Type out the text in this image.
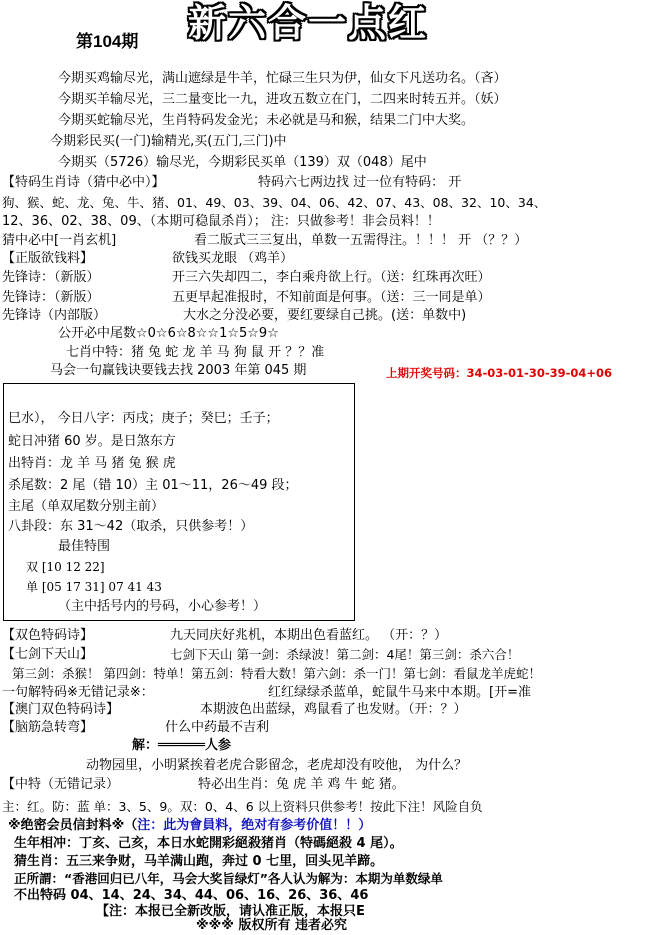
第104期 新六合一点红
今期买鸡输尽光，满山遮绿是牛羊，忙碌三生只为伊，仙女下凡送功名。（吝）
今期买羊输尽光，三二量变比一九，进攻五数立在门，二四来时转五并。（妖）
今期买蛇输尽光，生肖特码发金光；未必就是马和猴，结果二门中大奖。
今期彩民买(一门)输精光,买(五门,三门)中
今期买（5726）输尽光，今期彩民买单（139）双（048）尾中
【特码生肖诗（猜中必中）】	特码六七两边找 过一位有特码： 开
狗、猴、蛇、龙、兔、牛、猪、01、49、03、39、04、06、42、07、43、08、32、10、34、
12、36、02、38、09、（本期可稳鼠杀肖）； 注：只做参考！非会员料！！
猜中必中[一肖玄机]	看二版式三三复出，单数一五需得注。！！！ 开 （？？）
【正版欲钱料】	欲钱买龙眼 （鸡羊）
先锋诗：（新版）	开三六失却四二，李白乘舟欲上行。（送：红珠再次旺）
先锋诗：（新版）	五更早起准报时，不知前面是何事。（送：三一同是单）
先锋诗（内部版）	大水之分没必要，要红要绿自己挑。(送：单数中)
公开必中尾数☆0☆6☆8☆☆1☆5☆9☆
七肖中特：猪 兔 蛇 龙 羊 马 狗 鼠 开 ？？准
马会一句赢钱诀要钱去找 2003 年第 045 期	上期开奖号码：34-03-01-30-39-04+06
巳水）， 今日八字：丙戌；庚子；癸巳；壬子；
蛇日冲猪 60 岁。是日煞东方
出特肖：龙 羊 马 猪 兔 猴 虎
杀尾数：2 尾（错 10）主 01～11，26～49 段；
主尾（单双尾数分别主前）
八卦段：东 31～42（取杀，只供参考！）
最佳特围
双 [10 12 22]
单 [05 17 31] 07 41 43
（主中括号内的号码，小心参考！）
【双色特码诗】	九天同庆好兆机，本期出色看蓝红。 （开：？）
【七剑下天山】	七剑下天山 第一剑：杀绿波！第二剑：4尾！第三剑：杀六合！
第三剑：杀猴！ 第四剑：特单！第五剑：特看大数！第六剑：杀一门！第七剑：看鼠龙羊虎蛇！
一句解特码※无错记录※：	红红绿绿杀蓝单，蛇鼠牛马来中本期。[开=准
【澳门双色特码诗】	本期波色出蓝绿，鸡鼠看了也发财。（开：？）
【脑筋急转弯】	什么中药最不吉利
解：══════人参
动物园里，小明紧挨着老虎合影留念，老虎却没有咬他， 为什么？
【中特（无错记录）	特必出生肖：兔 虎 羊 鸡 牛 蛇 猪。
主：红。防：蓝 单：3、5、9。双：0、4、6 以上资料只供参考！按此下注！风险自负
※绝密会员信封料※（注：此为會員料，绝对有参考价值！！）
生年相冲：丁亥、己亥，本日水蛇開彩絕殺猪肖（特碼絕殺 4 尾）。
猜生肖：五三来争财，马羊满山跑，奔过 0 七里，回头见羊蹄。
正所謂：“香港回归已八年，马会大奖旨绿灯”各人认为解为：本期为单数绿单
不出特码 04、14、24、34、44、06、16、26、36、46
【注：本报已全新改版，请认准正版，本报只E
※※※ 版权所有 违者必究
